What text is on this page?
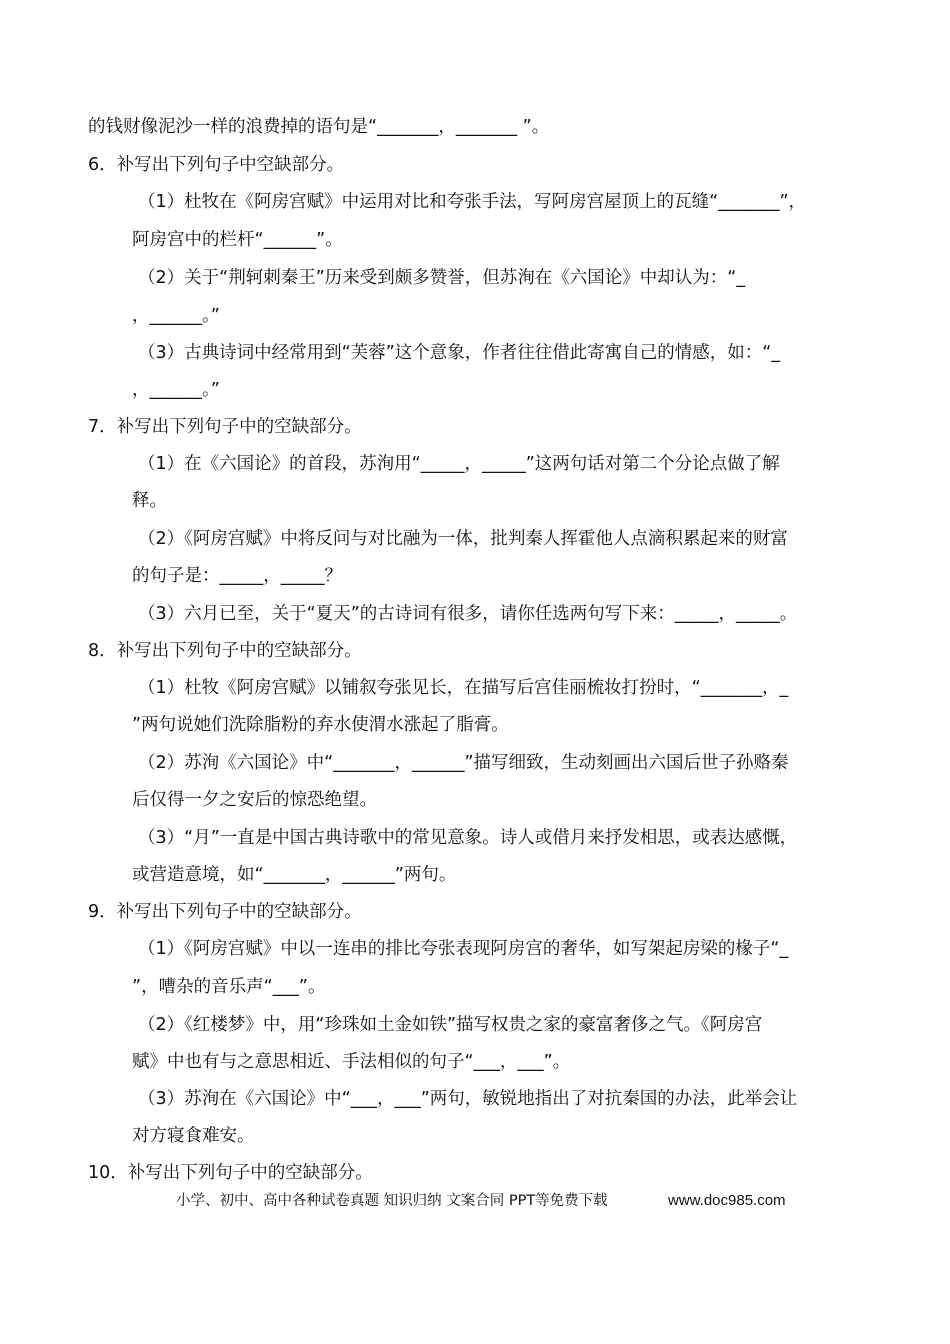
的钱财像泥沙一样的浪费掉的语句是“_______，_______ ”。
6．补写出下列句子中空缺部分。
（1）杜牧在《阿房宫赋》中运用对比和夸张手法，写阿房宫屋顶上的瓦缝“_______”，
阿房宫中的栏杆“______”。
（2）关于“荆轲刺秦王”历来受到颇多赞誉，但苏洵在《六国论》中却认为：“_
，______。”
（3）古典诗词中经常用到“芙蓉”这个意象，作者往往借此寄寓自己的情感，如：“_
，______。”
7．补写出下列句子中的空缺部分。
（1）在《六国论》的首段，苏洵用“_____，_____”这两句话对第二个分论点做了解
释。
（2）《阿房宫赋》中将反问与对比融为一体，批判秦人挥霍他人点滴积累起来的财富
的句子是：_____，_____？
（3）六月已至，关于“夏天”的古诗词有很多，请你任选两句写下来：_____，_____。
8．补写出下列句子中的空缺部分。
（1）杜牧《阿房宫赋》以铺叙夸张见长，在描写后宫佳丽梳妆打扮时，“_______，_
”两句说她们洗除脂粉的弃水使渭水涨起了脂膏。
（2）苏洵《六国论》中“_______，______”描写细致，生动刻画出六国后世子孙赂秦
后仅得一夕之安后的惊恐绝望。
（3）“月”一直是中国古典诗歌中的常见意象。诗人或借月来抒发相思，或表达感慨，
或营造意境，如“_______，______”两句。
9．补写出下列句子中的空缺部分。
（1）《阿房宫赋》中以一连串的排比夸张表现阿房宫的奢华，如写架起房梁的椽子“_
”，嘈杂的音乐声“___”。
（2）《红楼梦》中，用“珍珠如土金如铁”描写权贵之家的豪富奢侈之气。《阿房宫
赋》中也有与之意思相近、手法相似的句子“___，___”。
（3）苏洵在《六国论》中“___，___”两句，敏锐地指出了对抗秦国的办法，此举会让
对方寝食难安。
10．补写出下列句子中的空缺部分。
小学、初中、高中各种试卷真题 知识归纳 文案合同 PPT等免费下载	www.doc985.com
